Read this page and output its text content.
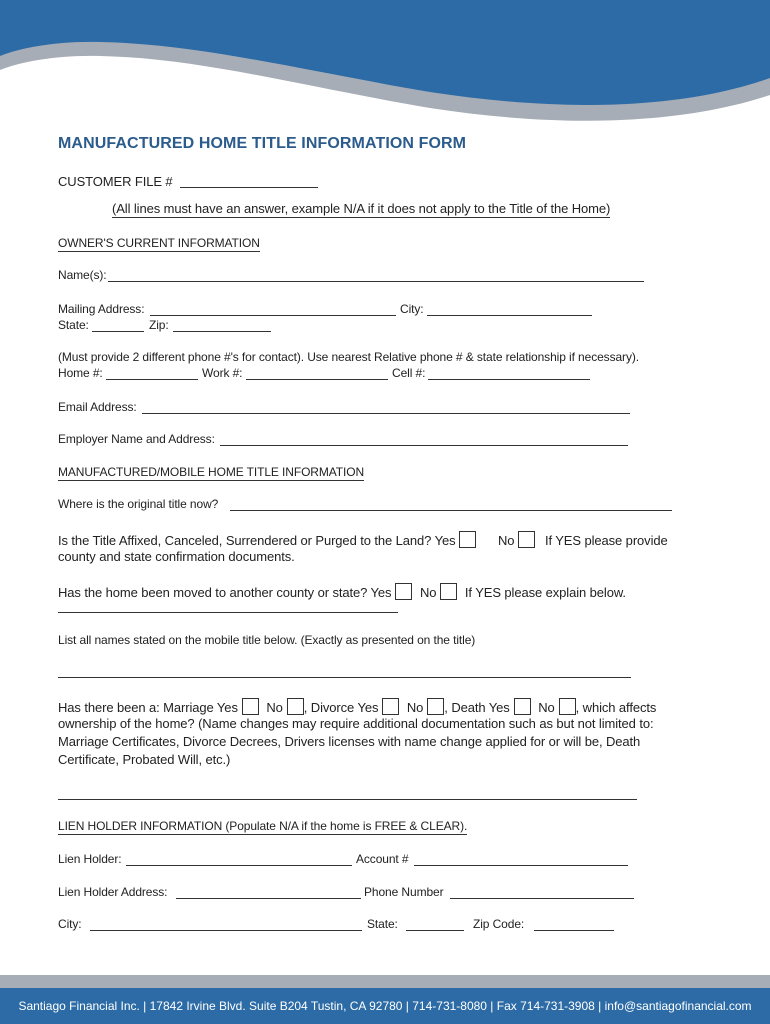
MANUFACTURED HOME TITLE INFORMATION FORM
CUSTOMER FILE #
(All lines must have an answer, example N/A if it does not apply to the Title of the Home)
OWNER'S CURRENT INFORMATION
Name(s):
Mailing Address:	City:
State:	Zip:
(Must provide 2 different phone #'s for contact). Use nearest Relative phone # & state relationship if necessary).
Home #:	Work #:	Cell #:
Email Address:
Employer Name and Address:
MANUFACTURED/MOBILE HOME TITLE INFORMATION
Where is the original title now?
Is the Title Affixed, Canceled, Surrendered or Purged to the Land? Yes	No If YES please provide
county and state confirmation documents.
Has the home been moved to another county or state? Yes No If YES please explain below.
List all names stated on the mobile title below. (Exactly as presented on the title)
Has there been a: Marriage Yes No , Divorce Yes No , Death Yes No , which affects
ownership of the home? (Name changes may require additional documentation such as but not limited to:
Marriage Certificates, Divorce Decrees, Drivers licenses with name change applied for or will be, Death
Certificate, Probated Will, etc.)
LIEN HOLDER INFORMATION (Populate N/A if the home is FREE & CLEAR).
Lien Holder:	Account #
Lien Holder Address:	Phone Number
City:	State:	Zip Code:
Santiago Financial Inc. | 17842 Irvine Blvd. Suite B204 Tustin, CA 92780 | 714-731-8080 | Fax 714-731-3908 | info@santiagofinancial.com
